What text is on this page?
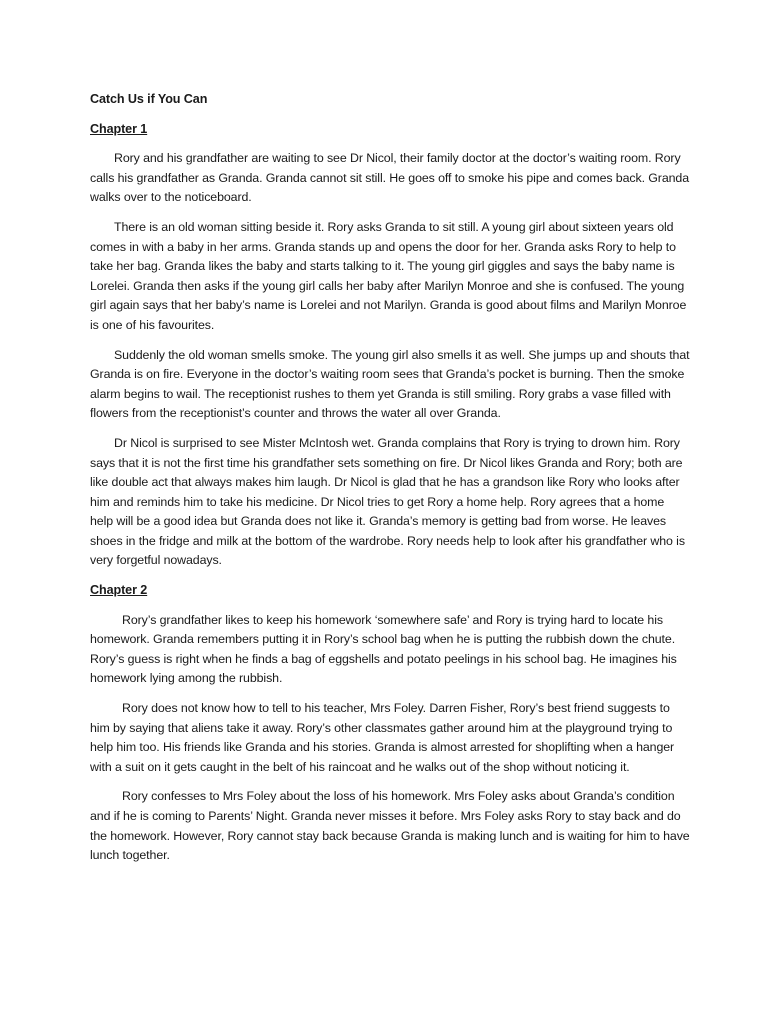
Catch Us if You Can
Chapter 1

Rory and his grandfather are waiting to see Dr Nicol, their family doctor at the doctor’s waiting room. Rory calls his grandfather as Granda. Granda cannot sit still. He goes off to smoke his pipe and comes back. Granda walks over to the noticeboard.

There is an old woman sitting beside it. Rory asks Granda to sit still. A young girl about sixteen years old comes in with a baby in her arms. Granda stands up and opens the door for her. Granda asks Rory to help to take her bag. Granda likes the baby and starts talking to it. The young girl giggles and says the baby name is Lorelei. Granda then asks if the young girl calls her baby after Marilyn Monroe and she is confused. The young girl again says that her baby’s name is Lorelei and not Marilyn. Granda is good about films and Marilyn Monroe is one of his favourites.

Suddenly the old woman smells smoke. The young girl also smells it as well. She jumps up and shouts that Granda is on fire. Everyone in the doctor’s waiting room sees that Granda’s pocket is burning. Then the smoke alarm begins to wail. The receptionist rushes to them yet Granda is still smiling. Rory grabs a vase filled with flowers from the receptionist’s counter and throws the water all over Granda.

Dr Nicol is surprised to see Mister McIntosh wet. Granda complains that Rory is trying to drown him. Rory says that it is not the first time his grandfather sets something on fire. Dr Nicol likes Granda and Rory; both are like double act that always makes him laugh. Dr Nicol is glad that he has a grandson like Rory who looks after him and reminds him to take his medicine. Dr Nicol tries to get Rory a home help. Rory agrees that a home help will be a good idea but Granda does not like it. Granda’s memory is getting bad from worse. He leaves shoes in the fridge and milk at the bottom of the wardrobe. Rory needs help to look after his grandfather who is very forgetful nowadays.

Chapter 2

Rory’s grandfather likes to keep his homework ‘somewhere safe’ and Rory is trying hard to locate his homework. Granda remembers putting it in Rory’s school bag when he is putting the rubbish down the chute. Rory’s guess is right when he finds a bag of eggshells and potato peelings in his school bag. He imagines his homework lying among the rubbish.

Rory does not know how to tell to his teacher, Mrs Foley. Darren Fisher, Rory’s best friend suggests to him by saying that aliens take it away. Rory’s other classmates gather around him at the playground trying to help him too. His friends like Granda and his stories. Granda is almost arrested for shoplifting when a hanger with a suit on it gets caught in the belt of his raincoat and he walks out of the shop without noticing it.

Rory confesses to Mrs Foley about the loss of his homework. Mrs Foley asks about Granda’s condition and if he is coming to Parents’ Night. Granda never misses it before. Mrs Foley asks Rory to stay back and do the homework. However, Rory cannot stay back because Granda is making lunch and is waiting for him to have lunch together.
